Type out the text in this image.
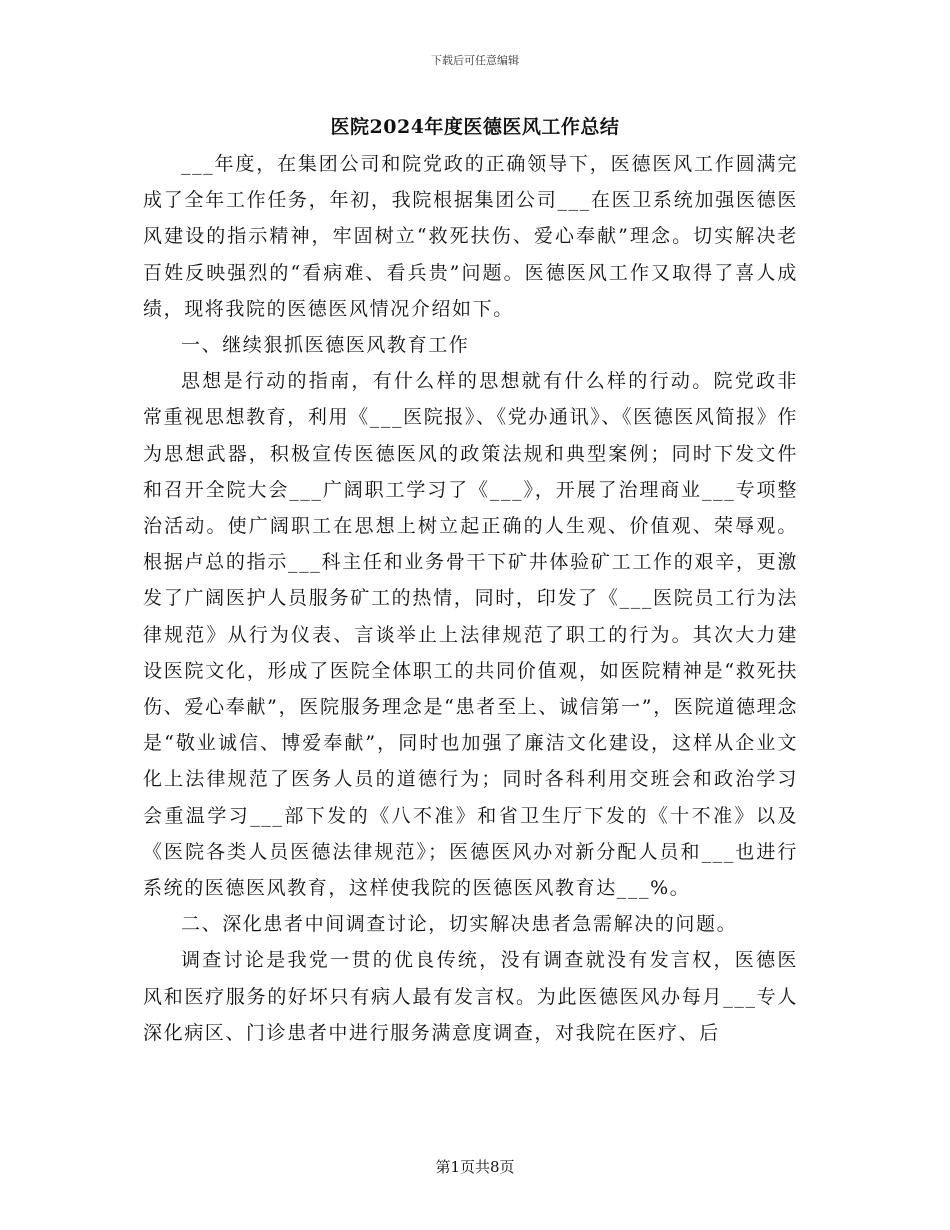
下载后可任意编辑
医院2024年度医德医风工作总结

___年度，在集团公司和院党政的正确领导下，医德医风工作圆满完成了全年工作任务，年初，我院根据集团公司___在医卫系统加强医德医风建设的指示精神，牢固树立“救死扶伤、爱心奉献”理念。切实解决老百姓反映强烈的“看病难、看兵贵”问题。医德医风工作又取得了喜人成绩，现将我院的医德医风情况介绍如下。

一、继续狠抓医德医风教育工作

思想是行动的指南，有什么样的思想就有什么样的行动。院党政非常重视思想教育，利用《___医院报》、《党办通讯》、《医德医风简报》作为思想武器，积极宣传医德医风的政策法规和典型案例；同时下发文件和召开全院大会___广阔职工学习了《___》，开展了治理商业___专项整治活动。使广阔职工在思想上树立起正确的人生观、价值观、荣辱观。根据卢总的指示___科主任和业务骨干下矿井体验矿工工作的艰辛，更激发了广阔医护人员服务矿工的热情，同时，印发了《___医院员工行为法律规范》从行为仪表、言谈举止上法律规范了职工的行为。其次大力建设医院文化，形成了医院全体职工的共同价值观，如医院精神是“救死扶伤、爱心奉献”，医院服务理念是“患者至上、诚信第一”，医院道德理念是“敬业诚信、博爱奉献”，同时也加强了廉洁文化建设，这样从企业文化上法律规范了医务人员的道德行为；同时各科利用交班会和政治学习会重温学习___部下发的《八不准》和省卫生厅下发的《十不准》以及《医院各类人员医德法律规范》；医德医风办对新分配人员和___也进行系统的医德医风教育，这样使我院的医德医风教育达___%。

二、深化患者中间调查讨论，切实解决患者急需解决的问题。

调查讨论是我党一贯的优良传统，没有调查就没有发言权，医德医风和医疗服务的好坏只有病人最有发言权。为此医德医风办每月___专人深化病区、门诊患者中进行服务满意度调查，对我院在医疗、后

第1页共8页
